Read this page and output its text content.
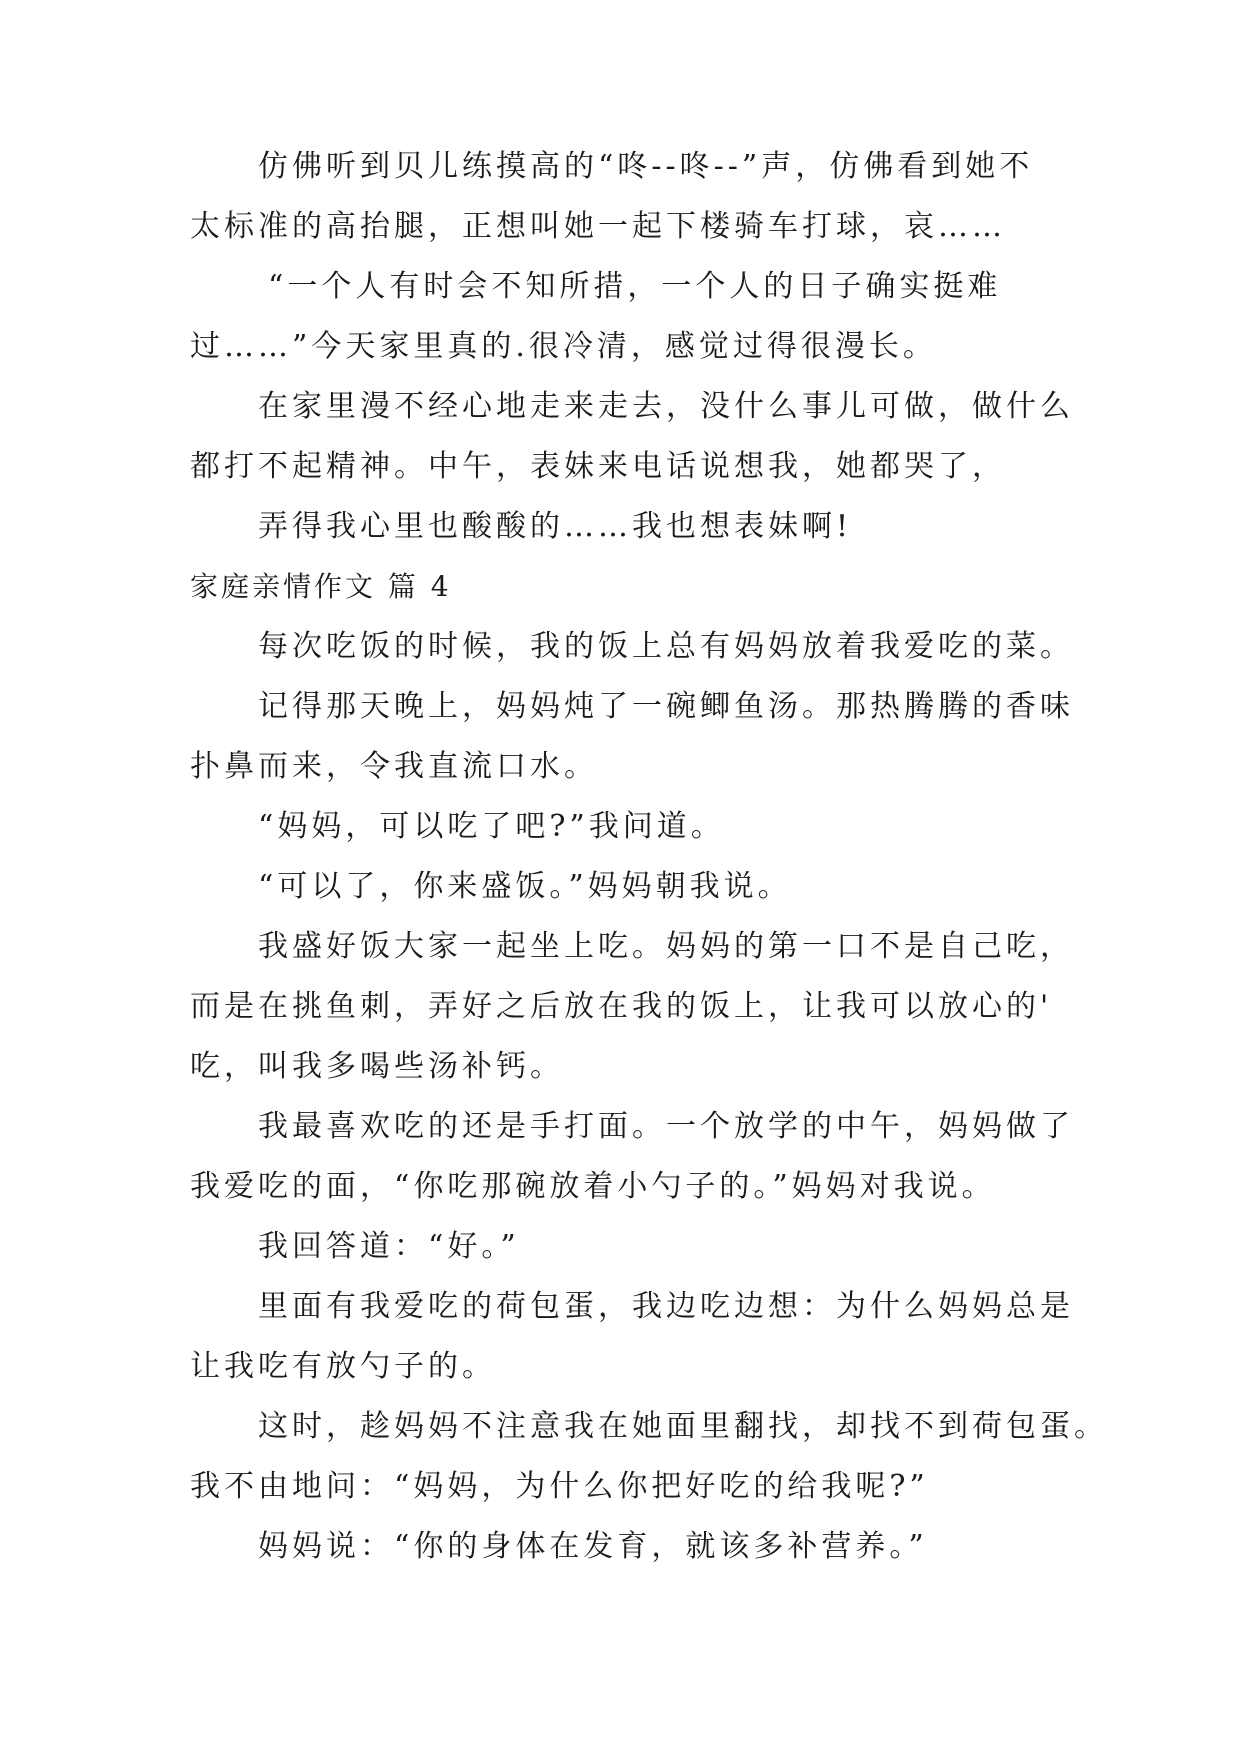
仿佛听到贝儿练摸高的“咚--咚--”声，仿佛看到她不
太标准的高抬腿，正想叫她一起下楼骑车打球，哀……
“一个人有时会不知所措，一个人的日子确实挺难
过……”今天家里真的.很冷清，感觉过得很漫长。
在家里漫不经心地走来走去，没什么事儿可做，做什么
都打不起精神。中午，表妹来电话说想我，她都哭了，
弄得我心里也酸酸的……我也想表妹啊!
家庭亲情作文 篇 4
每次吃饭的时候，我的饭上总有妈妈放着我爱吃的菜。
记得那天晚上，妈妈炖了一碗鲫鱼汤。那热腾腾的香味
扑鼻而来，令我直流口水。
“妈妈，可以吃了吧?”我问道。
“可以了，你来盛饭。”妈妈朝我说。
我盛好饭大家一起坐上吃。妈妈的第一口不是自己吃，
而是在挑鱼刺，弄好之后放在我的饭上，让我可以放心的'
吃，叫我多喝些汤补钙。
我最喜欢吃的还是手打面。一个放学的中午，妈妈做了
我爱吃的面，“你吃那碗放着小勺子的。”妈妈对我说。
我回答道：“好。”
里面有我爱吃的荷包蛋，我边吃边想：为什么妈妈总是
让我吃有放勺子的。
这时，趁妈妈不注意我在她面里翻找，却找不到荷包蛋。
我不由地问：“妈妈，为什么你把好吃的给我呢?”
妈妈说：“你的身体在发育，就该多补营养。”
